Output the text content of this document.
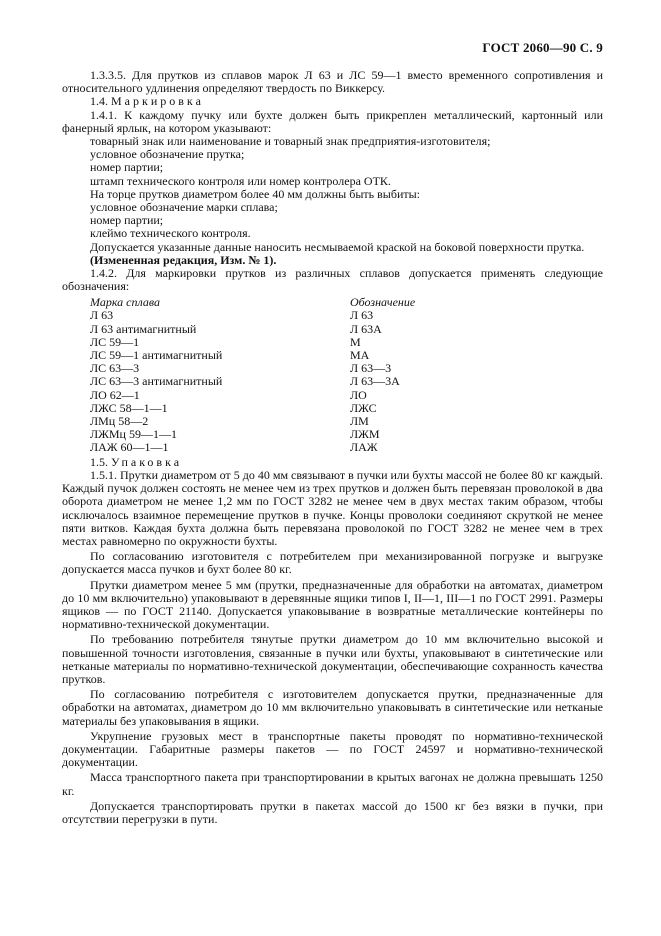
ГОСТ 2060—90 С. 9

1.3.3.5. Для прутков из сплавов марок Л 63 и ЛС 59—1 вместо временного сопротивления и относительного удлинения определяют твердость по Виккерсу.

1.4. Маркировка

1.4.1. К каждому пучку или бухте должен быть прикреплен металлический, картонный или фанерный ярлык, на котором указывают:

товарный знак или наименование и товарный знак предприятия-изготовителя;
условное обозначение прутка;
номер партии;
штамп технического контроля или номер контролера ОТК.

На торце прутков диаметром более 40 мм должны быть выбиты:

условное обозначение марки сплава;
номер партии;
клеймо технического контроля.

Допускается указанные данные наносить несмываемой краской на боковой поверхности прутка.

(Измененная редакция, Изм. № 1).

1.4.2. Для маркировки прутков из различных сплавов допускается применять следующие обозначения:

Марка сплава	Обозначение
Л 63	Л 63
Л 63 антимагнитный	Л 63А
ЛС 59—1	М
ЛС 59—1 антимагнитный	МА
ЛС 63—3	Л 63—3
ЛС 63—3 антимагнитный	Л 63—3А
ЛО 62—1	ЛО
ЛЖС 58—1—1	ЛЖС
ЛМц 58—2	ЛМ
ЛЖМц 59—1—1	ЛЖМ
ЛАЖ 60—1—1	ЛАЖ

1.5. Упаковка

1.5.1. Прутки диаметром от 5 до 40 мм связывают в пучки или бухты массой не более 80 кг каждый. Каждый пучок должен состоять не менее чем из трех прутков и должен быть перевязан проволокой в два оборота диаметром не менее 1,2 мм по ГОСТ 3282 не менее чем в двух местах таким образом, чтобы исключалось взаимное перемещение прутков в пучке. Концы проволоки соединяют скруткой не менее пяти витков. Каждая бухта должна быть перевязана проволокой по ГОСТ 3282 не менее чем в трех местах равномерно по окружности бухты.

По согласованию изготовителя с потребителем при механизированной погрузке и выгрузке допускается масса пучков и бухт более 80 кг.

Прутки диаметром менее 5 мм (прутки, предназначенные для обработки на автоматах, диаметром до 10 мм включительно) упаковывают в деревянные ящики типов I, II—1, III—1 по ГОСТ 2991. Размеры ящиков — по ГОСТ 21140. Допускается упаковывание в возвратные металлические контейнеры по нормативно-технической документации.

По требованию потребителя тянутые прутки диаметром до 10 мм включительно высокой и повышенной точности изготовления, связанные в пучки или бухты, упаковывают в синтетические или нетканые материалы по нормативно-технической документации, обеспечивающие сохранность качества прутков.

По согласованию потребителя с изготовителем допускается прутки, предназначенные для обработки на автоматах, диаметром до 10 мм включительно упаковывать в синтетические или нетканые материалы без упаковывания в ящики.

Укрупнение грузовых мест в транспортные пакеты проводят по нормативно-технической документации. Габаритные размеры пакетов — по ГОСТ 24597 и нормативно-технической документации.

Масса транспортного пакета при транспортировании в крытых вагонах не должна превышать 1250 кг.

Допускается транспортировать прутки в пакетах массой до 1500 кг без вязки в пучки, при отсутствии перегрузки в пути.
